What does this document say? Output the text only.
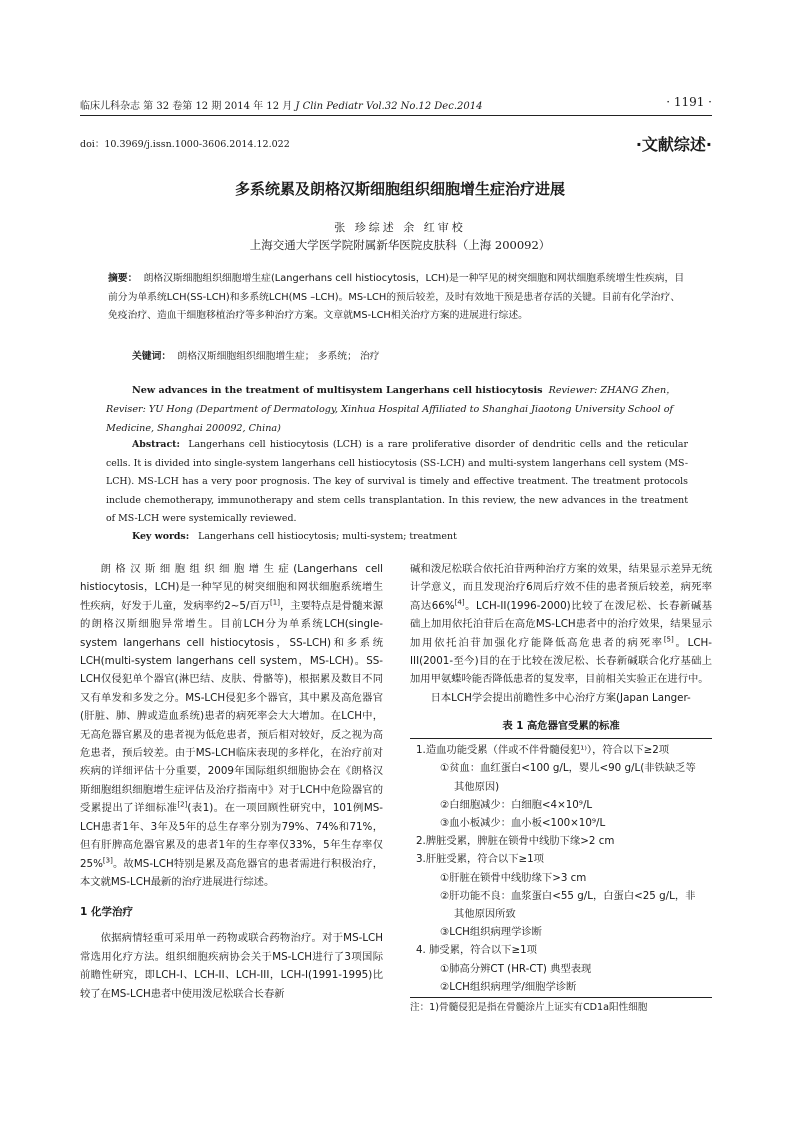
临床儿科杂志 第 32 卷第 12 期 2014 年 12 月 J Clin Pediatr Vol.32 No.12 Dec.2014	· 1191 ·
doi：10.3969/j.issn.1000-3606.2014.12.022	·文献综述·
多系统累及朗格汉斯细胞组织细胞增生症治疗进展
张 珍综述 余 红审校
上海交通大学医学院附属新华医院皮肤科（上海 200092）
摘要： 朗格汉斯细胞组织细胞增生症(Langerhans cell histiocytosis，LCH)是一种罕见的树突细胞和网状细胞系统增生性疾病，目前分为单系统LCH(SS-LCH)和多系统LCH(MS –LCH)。MS-LCH的预后较差，及时有效地干预是患者存活的关键。目前有化学治疗、免疫治疗、造血干细胞移植治疗等多种治疗方案。文章就MS-LCH相关治疗方案的进展进行综述。
关键词： 朗格汉斯细胞组织细胞增生症； 多系统； 治疗
New advances in the treatment of multisystem Langerhans cell histiocytosis Reviewer: ZHANG Zhen，Reviser: YU Hong (Department of Dermatology, Xinhua Hospital Affiliated to Shanghai Jiaotong University School of Medicine, Shanghai 200092, China)
Abstract: Langerhans cell histiocytosis (LCH) is a rare proliferative disorder of dendritic cells and the reticular cells. It is divided into single-system langerhans cell histiocytosis (SS-LCH) and multi-system langerhans cell system (MS-LCH). MS-LCH has a very poor prognosis. The key of survival is timely and effective treatment. The treatment protocols include chemotherapy, immunotherapy and stem cells transplantation. In this review, the new advances in the treatment of MS-LCH were systemically reviewed.
Key words: Langerhans cell histiocytosis; multi-system; treatment

朗格汉斯细胞组织细胞增生症(Langerhans cell histiocytosis，LCH)是一种罕见的树突细胞和网状细胞系统增生性疾病，好发于儿童，发病率约2~5/百万[1]，主要特点是骨髓来源的朗格汉斯细胞异常增生。目前LCH分为单系统LCH(single-system langerhans cell histiocytosis，SS-LCH)和多系统LCH(multi-system langerhans cell system，MS-LCH)。SS-LCH仅侵犯单个器官(淋巴结、皮肤、骨骼等)，根据累及数目不同又有单发和多发之分。MS-LCH侵犯多个器官，其中累及高危器官(肝脏、肺、脾或造血系统)患者的病死率会大大增加。在LCH中，无高危器官累及的患者视为低危患者，预后相对较好，反之视为高危患者，预后较差。由于MS-LCH临床表现的多样化，在治疗前对疾病的详细评估十分重要，2009年国际组织细胞协会在《朗格汉斯细胞组织细胞增生症评估及治疗指南中》对于LCH中危险器官的受累提出了详细标准[2](表1)。在一项回顾性研究中，101例MS-LCH患者1年、3年及5年的总生存率分别为79%、74%和71%，但有肝脾高危器官累及的患者1年的生存率仅33%，5年生存率仅25%[3]。故MS-LCH特别是累及高危器官的患者需进行积极治疗，本文就MS-LCH最新的治疗进展进行综述。

1 化学治疗

依据病情轻重可采用单一药物或联合药物治疗。对于MS-LCH常选用化疗方法。组织细胞疾病协会关于MS-LCH进行了3项国际前瞻性研究，即LCH-I、LCH-II、LCH-III，LCH-I(1991-1995)比较了在MS-LCH患者中使用泼尼松联合长春新

碱和泼尼松联合依托泊苷两种治疗方案的效果，结果显示差异无统计学意义，而且发现治疗6周后疗效不佳的患者预后较差，病死率高达66%[4]。LCH-II(1996-2000)比较了在泼尼松、长春新碱基础上加用依托泊苷后在高危MS-LCH患者中的治疗效果，结果显示加用依托泊苷加强化疗能降低高危患者的病死率[5]。LCH-III(2001-至今)目的在于比较在泼尼松、长春新碱联合化疗基础上加用甲氨蝶呤能否降低患者的复发率，目前相关实验正在进行中。

日本LCH学会提出前瞻性多中心治疗方案(Japan Langer-

表 1 高危器官受累的标准
1.造血功能受累（伴或不伴骨髓侵犯¹⁾），符合以下≥2项
①贫血：血红蛋白<100 g/L，婴儿<90 g/L(非铁缺乏等
其他原因)
②白细胞减少：白细胞<4×10⁹/L
③血小板减少：血小板<100×10⁹/L
2.脾脏受累，脾脏在锁骨中线肋下缘>2 cm
3.肝脏受累，符合以下≥1项
①肝脏在锁骨中线肋缘下>3 cm
②肝功能不良：血浆蛋白<55 g/L，白蛋白<25 g/L，非
其他原因所致
③LCH组织病理学诊断
4. 肺受累，符合以下≥1项
①肺高分辨CT (HR-CT) 典型表现
②LCH组织病理学/细胞学诊断
注：1)骨髓侵犯是指在骨髓涂片上证实有CD1a阳性细胞
